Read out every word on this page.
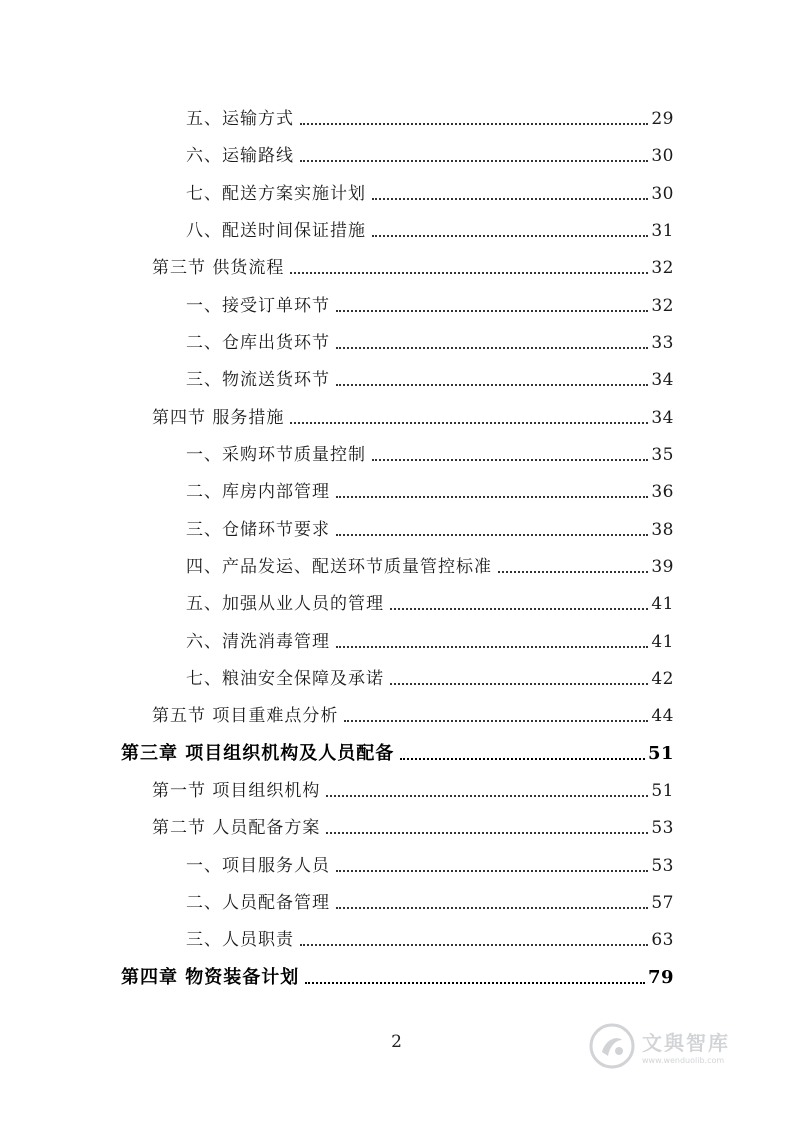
五、运输方式	29
六、运输路线	30
七、配送方案实施计划	30
八、配送时间保证措施	31
第三节 供货流程	32
一、接受订单环节	32
二、仓库出货环节	33
三、物流送货环节	34
第四节 服务措施	34
一、采购环节质量控制	35
二、库房内部管理	36
三、仓储环节要求	38
四、产品发运、配送环节质量管控标准	39
五、加强从业人员的管理	41
六、清洗消毒管理	41
七、粮油安全保障及承诺	42
第五节 项目重难点分析	44
第三章 项目组织机构及人员配备	51
第一节 项目组织机构	51
第二节 人员配备方案	53
一、项目服务人员	53
二、人员配备管理	57
三、人员职责	63
第四章 物资装备计划	79
2	文與智库
www.wenduolib.com
